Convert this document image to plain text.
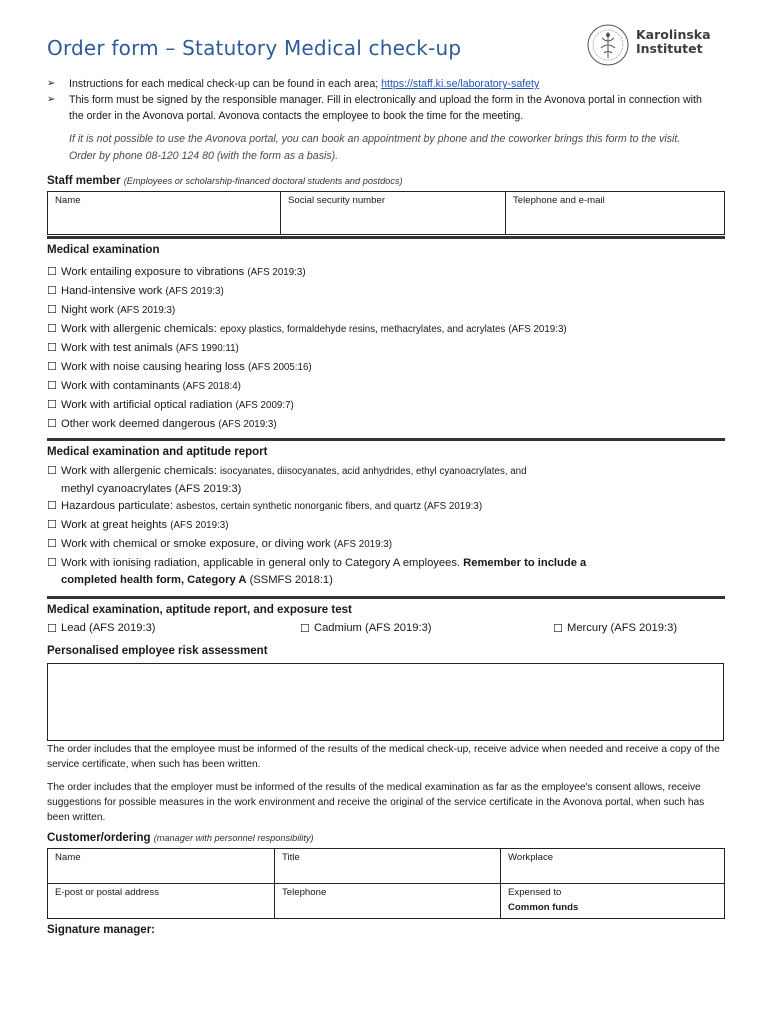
Order form – Statutory Medical check-up
Karolinska
Institutet
➢	Instructions for each medical check-up can be found in each area; https://staff.ki.se/laboratory-safety
➢	This form must be signed by the responsible manager. Fill in electronically and upload the form in the Avonova portal in connection with the order in the Avonova portal. Avonova contacts the employee to book the time for the meeting.
If it is not possible to use the Avonova portal, you can book an appointment by phone and the coworker brings this form to the visit. Order by phone 08-120 124 80 (with the form as a basis).
Staff member (Employees or scholarship-financed doctoral students and postdocs)
Name	Social security number	Telephone and e-mail
Medical examination
☐ Work entailing exposure to vibrations (AFS 2019:3)
☐ Hand-intensive work (AFS 2019:3)
☐ Night work (AFS 2019:3)
☐ Work with allergenic chemicals: epoxy plastics, formaldehyde resins, methacrylates, and acrylates (AFS 2019:3)
☐ Work with test animals (AFS 1990:11)
☐ Work with noise causing hearing loss (AFS 2005:16)
☐ Work with contaminants (AFS 2018:4)
☐ Work with artificial optical radiation (AFS 2009:7)
☐ Other work deemed dangerous (AFS 2019:3)
Medical examination and aptitude report
☐ Work with allergenic chemicals: isocyanates, diisocyanates, acid anhydrides, ethyl cyanoacrylates, and
methyl cyanoacrylates (AFS 2019:3)
☐ Hazardous particulate: asbestos, certain synthetic nonorganic fibers, and quartz (AFS 2019:3)
☐ Work at great heights (AFS 2019:3)
☐ Work with chemical or smoke exposure, or diving work (AFS 2019:3)
☐ Work with ionising radiation, applicable in general only to Category A employees. Remember to include a
completed health form, Category A (SSMFS 2018:1)
Medical examination, aptitude report, and exposure test
☐ Lead (AFS 2019:3)	☐ Cadmium (AFS 2019:3)	☐ Mercury (AFS 2019:3)
Personalised employee risk assessment
The order includes that the employee must be informed of the results of the medical check-up, receive advice when needed and receive a copy of the service certificate, when such has been written.
The order includes that the employer must be informed of the results of the medical examination as far as the employee's consent allows, receive suggestions for possible measures in the work environment and receive the original of the service certificate in the Avonova portal, when such has been written.
Customer/ordering (manager with personnel responsibility)
Name	Title	Workplace
E-post or postal address	Telephone	Expensed to
Common funds
Signature manager:
